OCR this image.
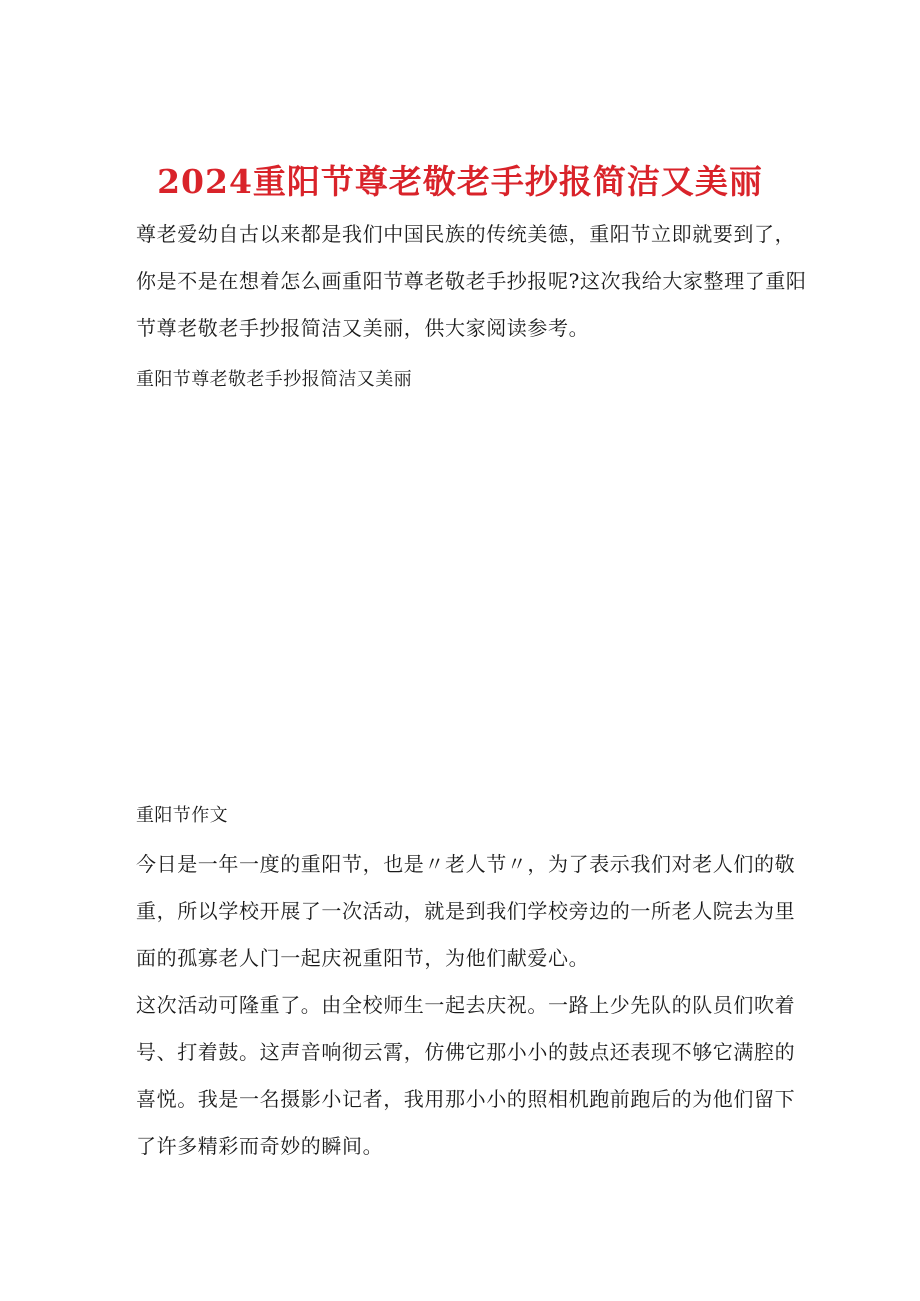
2024重阳节尊老敬老手抄报简洁又美丽
尊老爱幼自古以来都是我们中国民族的传统美德，重阳节立即就要到了，
你是不是在想着怎么画重阳节尊老敬老手抄报呢?这次我给大家整理了重阳
节尊老敬老手抄报简洁又美丽，供大家阅读参考。
重阳节尊老敬老手抄报简洁又美丽
重阳节作文

今日是一年一度的重阳节，也是〃老人节〃，为了表示我们对老人们的敬
重，所以学校开展了一次活动，就是到我们学校旁边的一所老人院去为里
面的孤寡老人门一起庆祝重阳节，为他们献爱心。

这次活动可隆重了。由全校师生一起去庆祝。一路上少先队的队员们吹着
号、打着鼓。这声音响彻云霄，仿佛它那小小的鼓点还表现不够它满腔的
喜悦。我是一名摄影小记者，我用那小小的照相机跑前跑后的为他们留下
了许多精彩而奇妙的瞬间。
